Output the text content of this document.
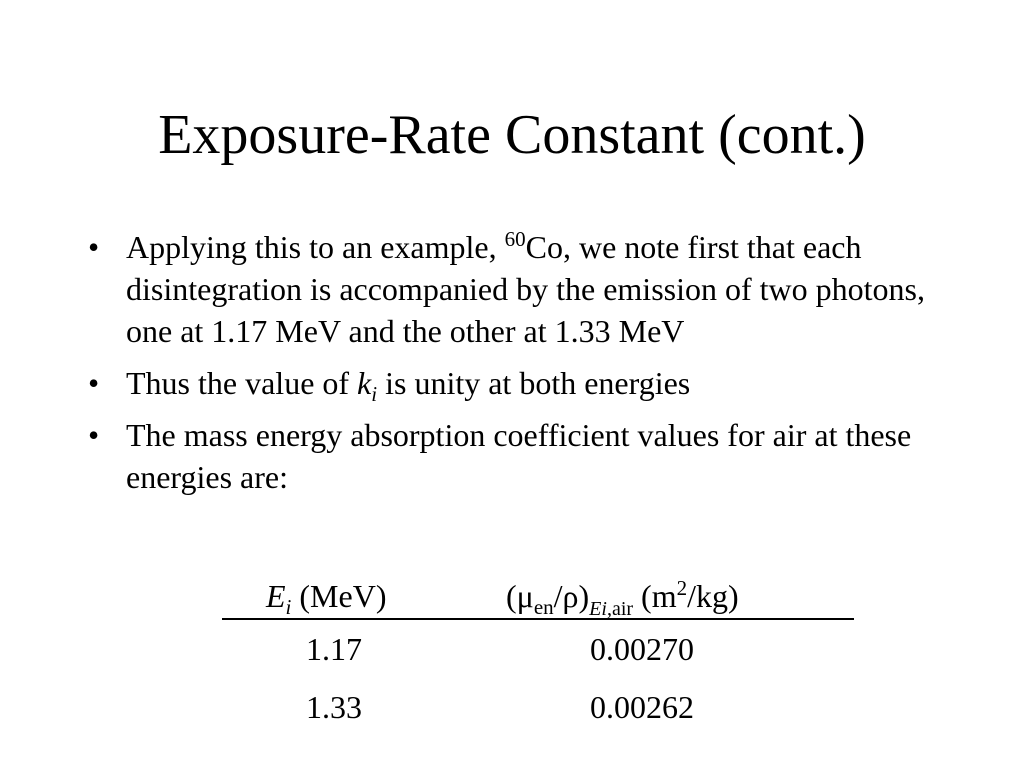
Exposure-Rate Constant (cont.)
• Applying this to an example, $^{60}$Co, we note first that each disintegration is accompanied by the emission of two photons, one at 1.17 MeV and the other at 1.33 MeV
• Thus the value of $k_i$ is unity at both energies
• The mass energy absorption coefficient values for air at these energies are:
$E_i$ (MeV)	$(\mu_{en}/\rho)_{Ei,air}$ $(m^2/kg)$
1.17	0.00270
1.33	0.00262
